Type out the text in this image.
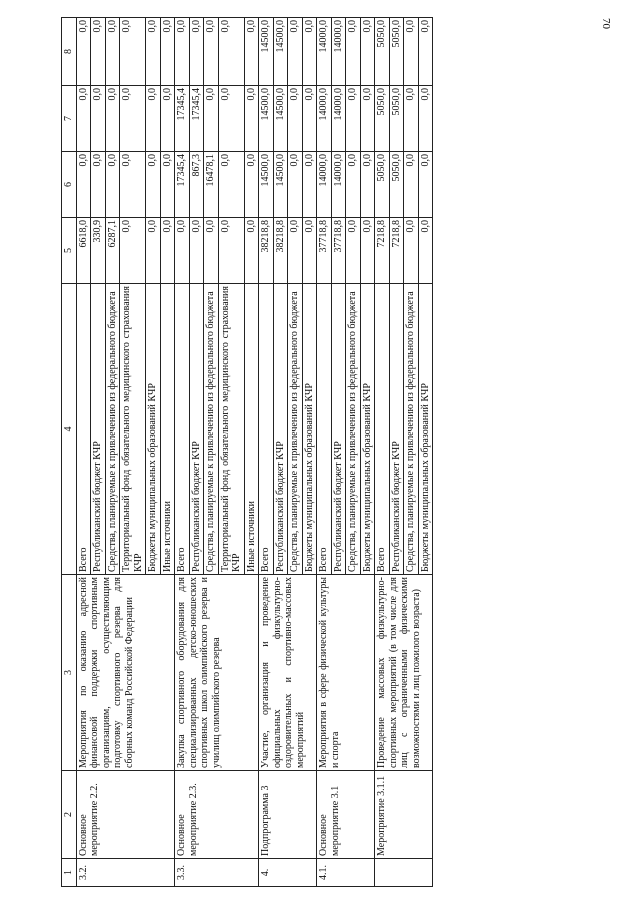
70
1	2	3	4	5	6	7	8
3.2.	Основное мероприятие 2.2.	Мероприятия по оказанию адресной финансовой поддержки спортивным организациям, осуществляющим подготовку спортивного резерва для сборных команд Российской Федерации	Всего	6618,0	0,0	0,0	0,0
			Республиканский бюджет КЧР	330,9	0,0	0,0	0,0
			Средства, планируемые к привлечению из федерального бюджета	6287,1	0,0	0,0	0,0
			Территориальный фонд обязательного медицинского страхования КЧР	0,0	0,0	0,0	0,0
			Бюджеты муниципальных образований КЧР	0,0	0,0	0,0	0,0
			Иные источники	0,0	0,0	0,0	0,0
3.3.	Основное мероприятие 2.3.	Закупка спортивного оборудования для специализированных детско-юношеских спортивных школ олимпийского резерва и училищ олимпийского резерва	Всего	0,0	17345,4	17345,4	0,0
			Республиканский бюджет КЧР	0,0	867,3	17345,4	0,0
			Средства, планируемые к привлечению из федерального бюджета	0,0	16478,1	0,0	0,0
			Территориальный фонд обязательного медицинского страхования КЧР	0,0	0,0	0,0	0,0
			Иные источники	0,0	0,0	0,0	0,0
4.	Подпрограмма 3	Участие, организация и проведение официальных физкультурно-оздоровительных и спортивно-массовых мероприятий	Всего	38218,8	14500,0	14500,0	14500,0
			Республиканский бюджет КЧР	38218,8	14500,0	14500,0	14500,0
			Средства, планируемые к привлечению из федерального бюджета	0,0	0,0	0,0	0,0
			Бюджеты муниципальных образований КЧР	0,0	0,0	0,0	0,0
4.1.	Основное мероприятие 3.1	Мероприятия в сфере физической культуры и спорта	Всего	37718,8	14000,0	14000,0	14000,0
			Республиканский бюджет КЧР	37718,8	14000,0	14000,0	14000,0
			Средства, планируемые к привлечению из федерального бюджета	0,0	0,0	0,0	0,0
			Бюджеты муниципальных образований КЧР	0,0	0,0	0,0	0,0
	Мероприятие 3.1.1	Проведение массовых физкультурно-спортивных мероприятий (в том числе для лиц с ограниченными физическими возможностями и лиц пожилого возраста)	Всего	7218,8	5050,0	5050,0	5050,0
			Республиканский бюджет КЧР	7218,8	5050,0	5050,0	5050,0
			Средства, планируемые к привлечению из федерального бюджета	0,0	0,0	0,0	0,0
			Бюджеты муниципальных образований КЧР	0,0	0,0	0,0	0,0
